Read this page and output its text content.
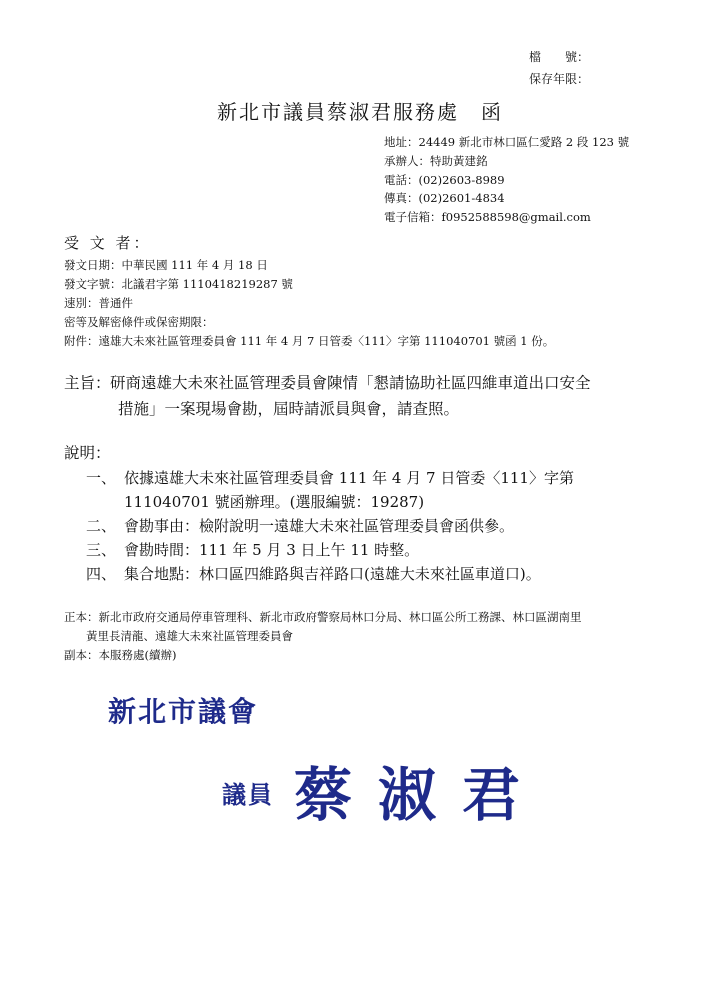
檔　　號：
保存年限：
新北市議員蔡淑君服務處　函
地址：24449 新北市林口區仁愛路 2 段 123 號
承辦人：特助黃建銘
電話：(02)2603-8989
傳真：(02)2601-4834
電子信箱：f0952588598@gmail.com
受 文 者：
發文日期：中華民國 111 年 4 月 18 日
發文字號：北議君字第 1110418219287 號
速別：普通件
密等及解密條件或保密期限：
附件：遠雄大未來社區管理委員會 111 年 4 月 7 日管委〈111〉字第 111040701 號函 1 份。
主旨： 研商遠雄大未來社區管理委員會陳情「懇請協助社區四維車道出口安全
措施」一案現場會勘，屆時請派員與會，請查照。
說明：
一、 依據遠雄大未來社區管理委員會 111 年 4 月 7 日管委〈111〉字第
111040701 號函辦理。(選服編號：19287)
二、 會勘事由：檢附說明一遠雄大未來社區管理委員會函供參。
三、 會勘時間：111 年 5 月 3 日上午 11 時整。
四、 集合地點：林口區四維路與吉祥路口(遠雄大未來社區車道口)。
正本：新北市政府交通局停車管理科、新北市政府警察局林口分局、林口區公所工務課、林口區湖南里
黃里長清龍、遠雄大未來社區管理委員會
副本：本服務處(續辦)
新北市議會
議員 蔡淑君
